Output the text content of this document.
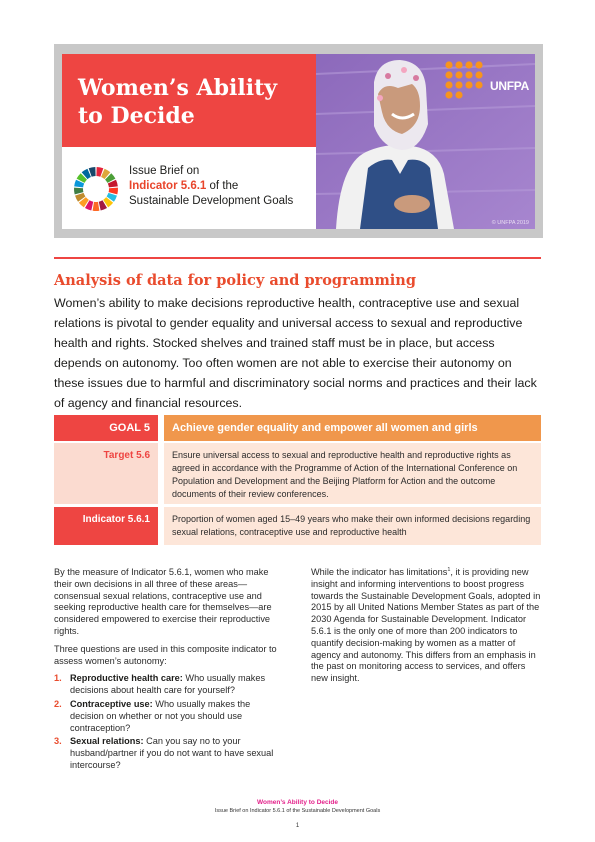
Women’s Ability
to Decide
Issue Brief on
Indicator 5.6.1 of the
Sustainable Development Goals
UNFPA
© UNFPA 2019
Analysis of data for policy and programming

Women’s ability to make decisions reproductive health, contraceptive use and sexual relations is pivotal to gender equality and universal access to sexual and reproductive health and rights. Stocked shelves and trained staff must be in place, but access depends on autonomy. Too often women are not able to exercise their autonomy on these issues due to harmful and discriminatory social norms and practices and their lack of agency and financial resources.

GOAL 5	Achieve gender equality and empower all women and girls
Target 5.6	Ensure universal access to sexual and reproductive health and reproductive rights as agreed in accordance with the Programme of Action of the International Conference on Population and Development and the Beijing Platform for Action and the outcome documents of their review conferences.

Indicator 5.6.1	Proportion of women aged 15–49 years who make their own informed decisions regarding sexual relations, contraceptive use and reproductive health

By the measure of Indicator 5.6.1, women who make their own decisions in all three of these areas—consensual sexual relations, contraceptive use and seeking reproductive health care for themselves—are considered empowered to exercise their reproductive rights.

Three questions are used in this composite indicator to assess women’s autonomy:

1. Reproductive health care: Who usually makes decisions about health care for yourself?
2. Contraceptive use: Who usually makes the decision on whether or not you should use contraception?
3. Sexual relations: Can you say no to your husband/partner if you do not want to have sexual intercourse?

While the indicator has limitations$^1$, it is providing new insight and informing interventions to boost progress towards the Sustainable Development Goals, adopted in 2015 by all United Nations Member States as part of the 2030 Agenda for Sustainable Development. Indicator 5.6.1 is the only one of more than 200 indicators to quantify decision-making by women as a matter of agency and autonomy. This differs from an emphasis in the past on monitoring access to services, and offers new insight.

Women’s Ability to Decide
Issue Brief on Indicator 5.6.1 of the Sustainable Development Goals
1
